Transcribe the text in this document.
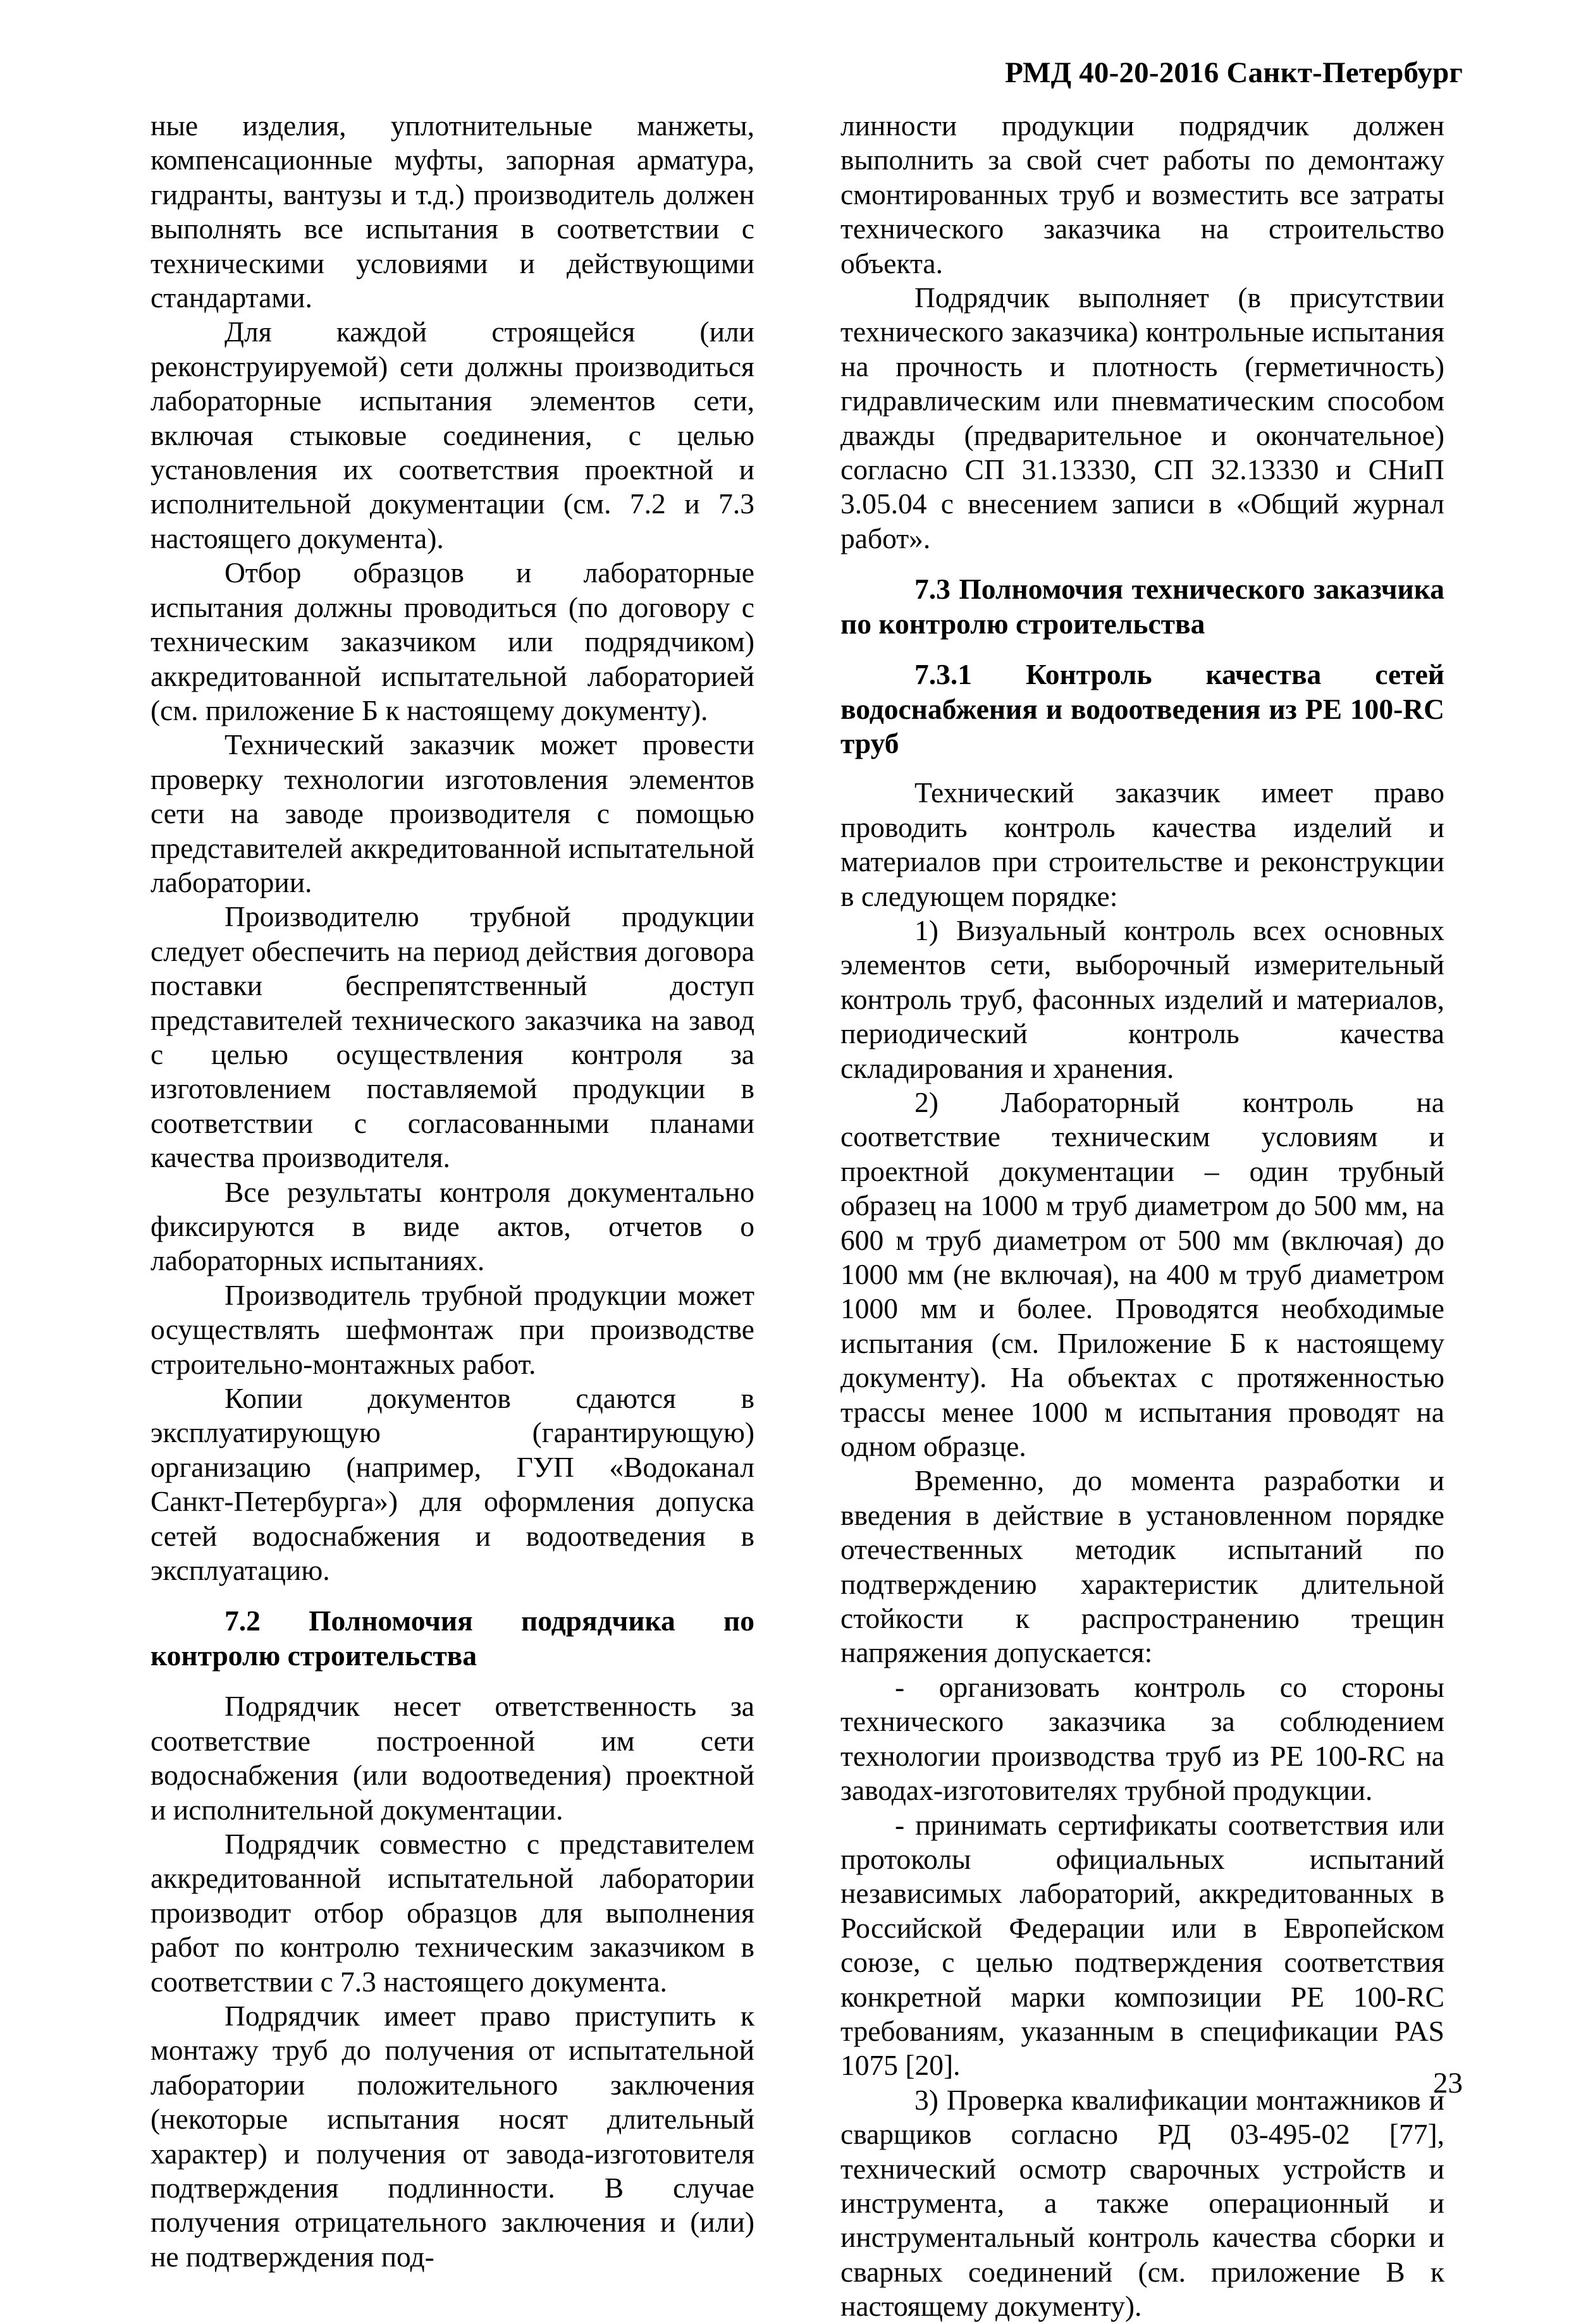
РМД 40-20-2016 Санкт-Петербург

ные изделия, уплотнительные манжеты, компенсационные муфты, запорная арматура, гидранты, вантузы и т.д.) производитель должен выполнять все испытания в соответствии с техническими условиями и действующими стандартами.

Для каждой строящейся (или реконструируемой) сети должны производиться лабораторные испытания элементов сети, включая стыковые соединения, с целью установления их соответствия проектной и исполнительной документации (см. 7.2 и 7.3 настоящего документа).

Отбор образцов и лабораторные испытания должны проводиться (по договору с техническим заказчиком или подрядчиком) аккредитованной испытательной лабораторией (см. приложение Б к настоящему документу).

Технический заказчик может провести проверку технологии изготовления элементов сети на заводе производителя с помощью представителей аккредитованной испытательной лаборатории.

Производителю трубной продукции следует обеспечить на период действия договора поставки беспрепятственный доступ представителей технического заказчика на завод с целью осуществления контроля за изготовлением поставляемой продукции в соответствии с согласованными планами качества производителя.

Все результаты контроля документально фиксируются в виде актов, отчетов о лабораторных испытаниях.

Производитель трубной продукции может осуществлять шефмонтаж при производстве строительно-монтажных работ.

Копии документов сдаются в эксплуатирующую (гарантирующую) организацию (например, ГУП «Водоканал Санкт-Петербурга») для оформления допуска сетей водоснабжения и водоотведения в эксплуатацию.

7.2 Полномочия подрядчика по контролю строительства

Подрядчик несет ответственность за соответствие построенной им сети водоснабжения (или водоотведения) проектной и исполнительной документации.

Подрядчик совместно с представителем аккредитованной испытательной лаборатории производит отбор образцов для выполнения работ по контролю техническим заказчиком в соответствии с 7.3 настоящего документа.

Подрядчик имеет право приступить к монтажу труб до получения от испытательной лаборатории положительного заключения (некоторые испытания носят длительный характер) и получения от завода-изготовителя подтверждения подлинности. В случае получения отрицательного заключения и (или) не подтверждения под-

линности продукции подрядчик должен выполнить за свой счет работы по демонтажу смонтированных труб и возместить все затраты технического заказчика на строительство объекта.

Подрядчик выполняет (в присутствии технического заказчика) контрольные испытания на прочность и плотность (герметичность) гидравлическим или пневматическим способом дважды (предварительное и окончательное) согласно СП 31.13330, СП 32.13330 и СНиП 3.05.04 с внесением записи в «Общий журнал работ».

7.3 Полномочия технического заказчика по контролю строительства
7.3.1 Контроль качества сетей водоснабжения и водоотведения из РЕ 100-RC труб

Технический заказчик имеет право проводить контроль качества изделий и материалов при строительстве и реконструкции в следующем порядке:

1) Визуальный контроль всех основных элементов сети, выборочный измерительный контроль труб, фасонных изделий и материалов, периодический контроль качества складирования и хранения.

2) Лабораторный контроль на соответствие техническим условиям и проектной документации – один трубный образец на 1000 м труб диаметром до 500 мм, на 600 м труб диаметром от 500 мм (включая) до 1000 мм (не включая), на 400 м труб диаметром 1000 мм и более. Проводятся необходимые испытания (см. Приложение Б к настоящему документу). На объектах с протяженностью трассы менее 1000 м испытания проводят на одном образце.

Временно, до момента разработки и введения в действие в установленном порядке отечественных методик испытаний по подтверждению характеристик длительной стойкости к распространению трещин напряжения допускается:

- организовать контроль со стороны технического заказчика за соблюдением технологии производства труб из РЕ 100-RC на заводах-изготовителях трубной продукции.

- принимать сертификаты соответствия или протоколы официальных испытаний независимых лабораторий, аккредитованных в Российской Федерации или в Европейском союзе, с целью подтверждения соответствия конкретной марки композиции РЕ 100-RC требованиям, указанным в спецификации PAS 1075 [20].

3) Проверка квалификации монтажников и сварщиков согласно РД 03-495-02 [77], технический осмотр сварочных устройств и инструмента, а также операционный и инструментальный контроль качества сборки и сварных соединений (см. приложение В к настоящему документу).

23
